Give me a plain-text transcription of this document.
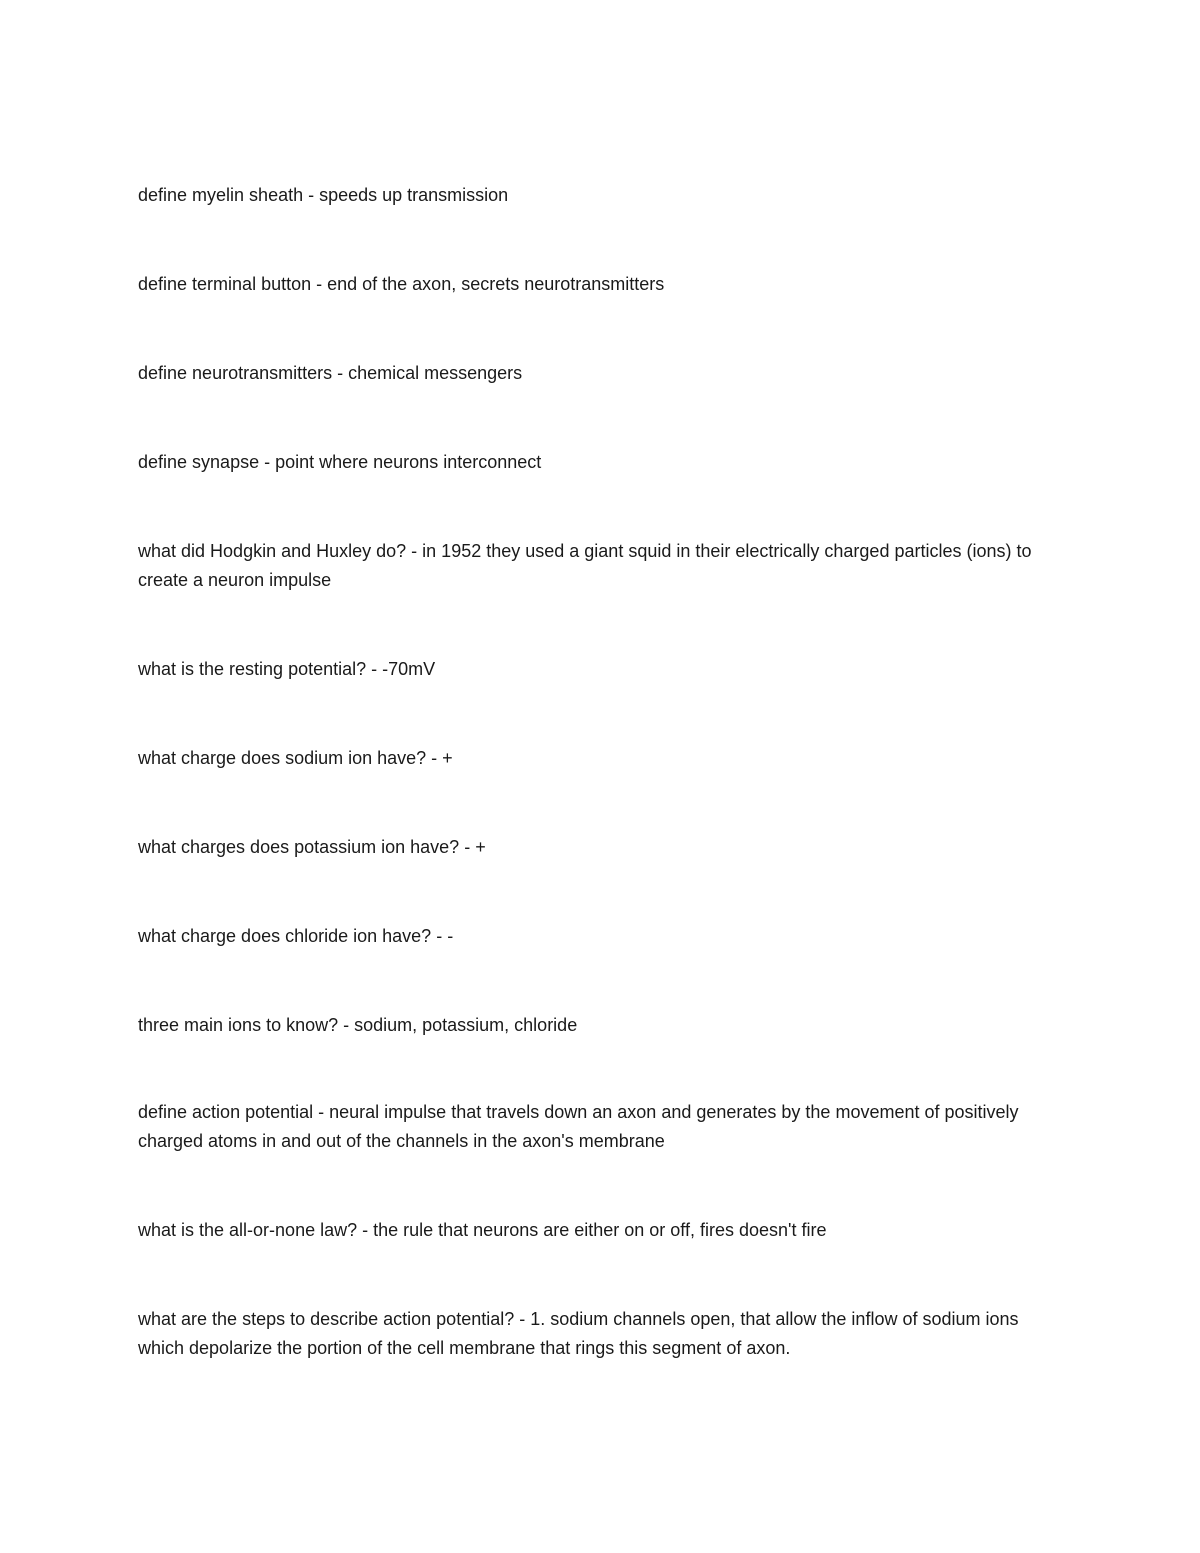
define myelin sheath - speeds up transmission
define terminal button - end of the axon, secrets neurotransmitters
define neurotransmitters - chemical messengers
define synapse - point where neurons interconnect
what did Hodgkin and Huxley do? - in 1952 they used a giant squid in their electrically charged particles (ions) to create a neuron impulse
what is the resting potential? - -70mV
what charge does sodium ion have? - +
what charges does potassium ion have? - +
what charge does chloride ion have? - -
three main ions to know? - sodium, potassium, chloride
define action potential - neural impulse that travels down an axon and generates by the movement of positively charged atoms in and out of the channels in the axon's membrane
what is the all-or-none law? - the rule that neurons are either on or off, fires doesn't fire
what are the steps to describe action potential? - 1. sodium channels open, that allow the inflow of sodium ions which depolarize the portion of the cell membrane that rings this segment of axon.
